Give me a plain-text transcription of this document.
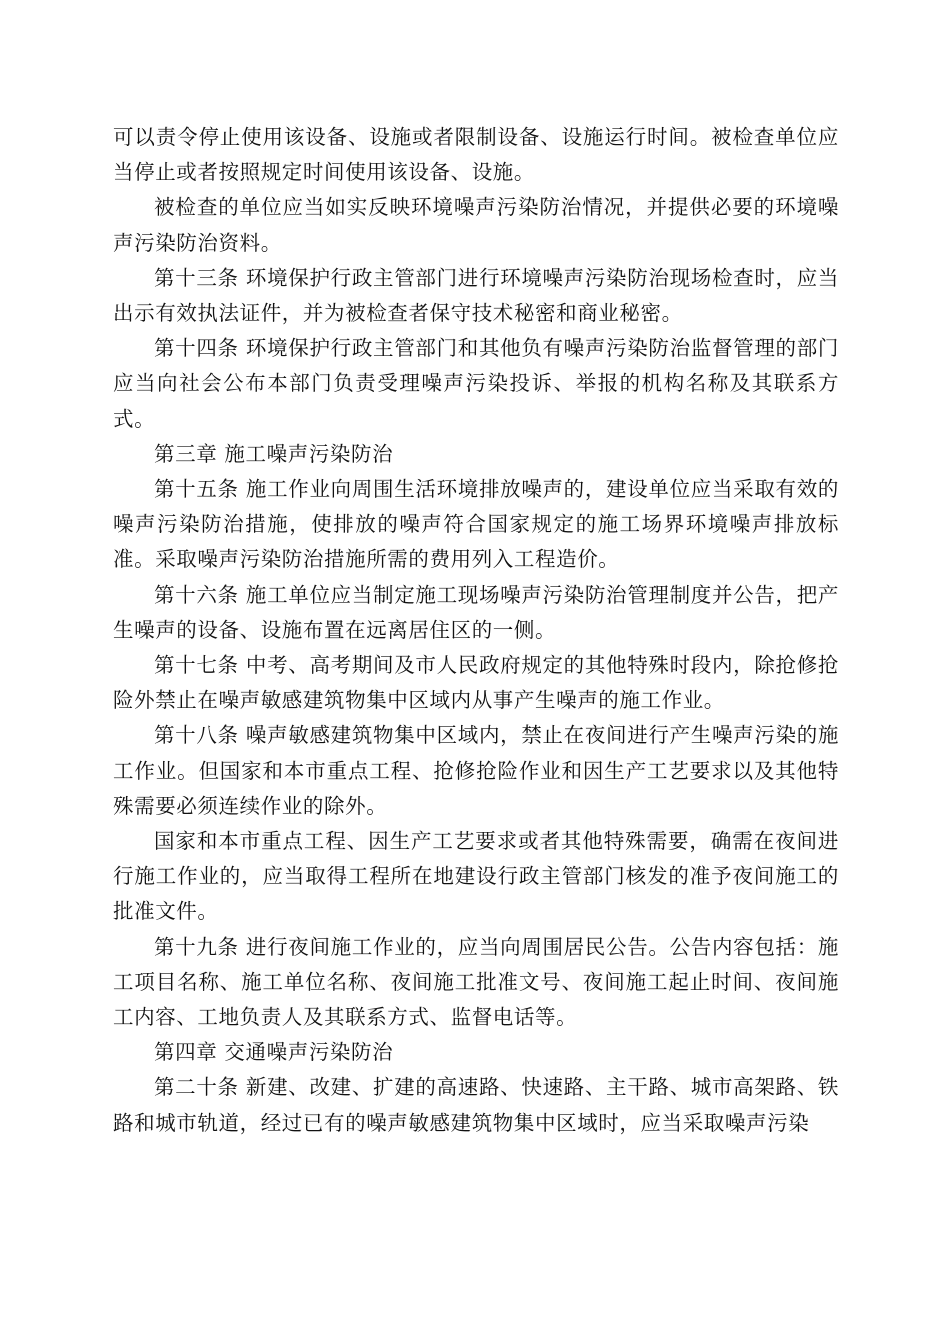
可以责令停止使用该设备、设施或者限制设备、设施运行时间。被检查单位应当停止或者按照规定时间使用该设备、设施。

被检查的单位应当如实反映环境噪声污染防治情况，并提供必要的环境噪声污染防治资料。

第十三条 环境保护行政主管部门进行环境噪声污染防治现场检查时，应当出示有效执法证件，并为被检查者保守技术秘密和商业秘密。

第十四条 环境保护行政主管部门和其他负有噪声污染防治监督管理的部门应当向社会公布本部门负责受理噪声污染投诉、举报的机构名称及其联系方式。

第三章 施工噪声污染防治

第十五条 施工作业向周围生活环境排放噪声的，建设单位应当采取有效的噪声污染防治措施，使排放的噪声符合国家规定的施工场界环境噪声排放标准。采取噪声污染防治措施所需的费用列入工程造价。

第十六条 施工单位应当制定施工现场噪声污染防治管理制度并公告，把产生噪声的设备、设施布置在远离居住区的一侧。

第十七条 中考、高考期间及市人民政府规定的其他特殊时段内，除抢修抢险外禁止在噪声敏感建筑物集中区域内从事产生噪声的施工作业。

第十八条 噪声敏感建筑物集中区域内，禁止在夜间进行产生噪声污染的施工作业。但国家和本市重点工程、抢修抢险作业和因生产工艺要求以及其他特殊需要必须连续作业的除外。

国家和本市重点工程、因生产工艺要求或者其他特殊需要，确需在夜间进行施工作业的，应当取得工程所在地建设行政主管部门核发的准予夜间施工的批准文件。

第十九条 进行夜间施工作业的，应当向周围居民公告。公告内容包括：施工项目名称、施工单位名称、夜间施工批准文号、夜间施工起止时间、夜间施工内容、工地负责人及其联系方式、监督电话等。

第四章 交通噪声污染防治

第二十条 新建、改建、扩建的高速路、快速路、主干路、城市高架路、铁路和城市轨道，经过已有的噪声敏感建筑物集中区域时，应当采取噪声污染
